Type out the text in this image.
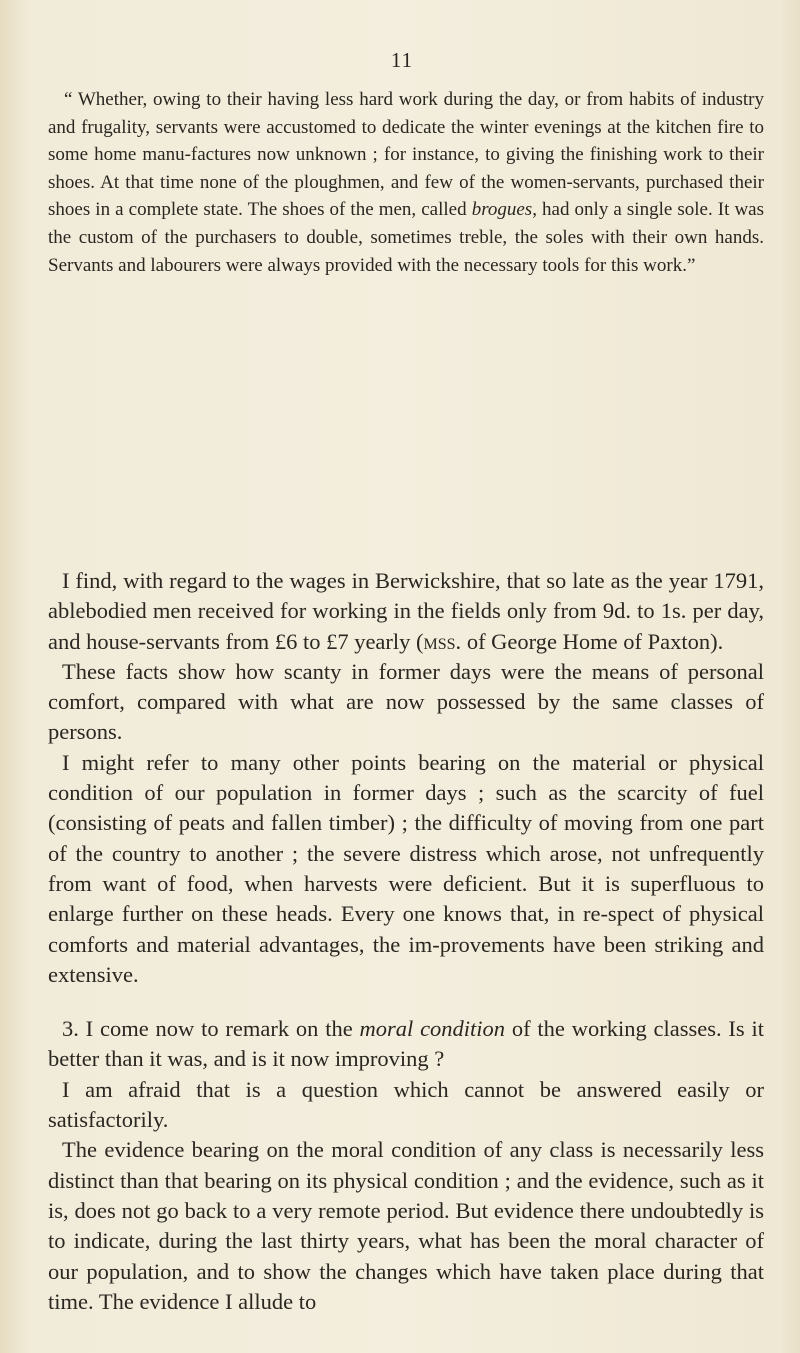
11

“ Whether, owing to their having less hard work during the day, or from habits of industry and frugality, servants were accustomed to dedicate the winter evenings at the kitchen fire to some home manu-factures now unknown ; for instance, to giving the finishing work to their shoes. At that time none of the ploughmen, and few of the women-servants, purchased their shoes in a complete state. The shoes of the men, called brogues, had only a single sole. It was the custom of the purchasers to double, sometimes treble, the soles with their own hands. Servants and labourers were always provided with the necessary tools for this work.”

I find, with regard to the wages in Berwickshire, that so late as the year 1791, ablebodied men received for working in the fields only from 9d. to 1s. per day, and house-servants from £6 to £7 yearly (mss. of George Home of Paxton).

These facts show how scanty in former days were the means of personal comfort, compared with what are now possessed by the same classes of persons.

I might refer to many other points bearing on the material or physical condition of our population in former days ; such as the scarcity of fuel (consisting of peats and fallen timber) ; the difficulty of moving from one part of the country to another ; the severe distress which arose, not unfrequently from want of food, when harvests were deficient. But it is superfluous to enlarge further on these heads. Every one knows that, in re-spect of physical comforts and material advantages, the im-provements have been striking and extensive.

3. I come now to remark on the moral condition of the working classes. Is it better than it was, and is it now improving ?

I am afraid that is a question which cannot be answered easily or satisfactorily.

The evidence bearing on the moral condition of any class is necessarily less distinct than that bearing on its physical condition ; and the evidence, such as it is, does not go back to a very remote period. But evidence there undoubtedly is to indicate, during the last thirty years, what has been the moral character of our population, and to show the changes which have taken place during that time. The evidence I allude to
